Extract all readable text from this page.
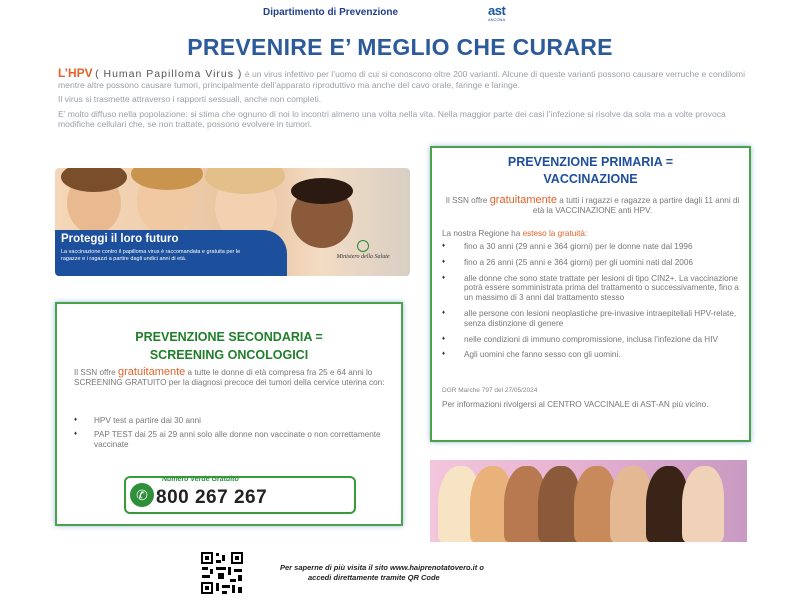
Dipartimento di Prevenzione	ast
ANCONA
PREVENIRE E’ MEGLIO CHE CURARE

L’HPV ( Human Papilloma Virus ) è un virus infettivo per l’uomo di cui si conoscono oltre 200 varianti. Alcune di queste varianti possono causare verruche e condilomi mentre altre possono causare tumori, principalmente dell’apparato riproduttivo ma anche del cavo orale, faringe e laringe.

Il virus si trasmette attraverso i rapporti sessuali, anche non completi.

E’ molto diffuso nella popolazione: si stima che ognuno di noi lo incontri almeno una volta nella vita. Nella maggior parte dei casi l’infezione si risolve da sola ma a volte provoca modifiche cellulari che, se non trattate, possono evolvere in tumori.

Proteggi il loro futuro
La vaccinazione contro il papilloma virus è raccomandata e gratuita per le ragazze e i ragazzi a partire dagli undici anni di età.	Ministero della Salute
PREVENZIONE PRIMARIA =
VACCINAZIONE
Il SSN offre gratuitamente a tutti i ragazzi e ragazze a partire dagli 11 anni di età la VACCINAZIONE anti HPV.
La nostra Regione ha esteso la gratuità:
♦ fino a 30 anni (29 anni e 364 giorni) per le donne nate dal 1996
♦ fino a 26 anni (25 anni e 364 giorni) per gli uomini nati dal 2006
♦ alle donne che sono state trattate per lesioni di tipo CIN2+. La vaccinazione potrà essere somministrata prima del trattamento o successivamente, fino a un massimo di 3 anni dal trattamento stesso
♦ alle persone con lesioni neoplastiche pre-invasive intraepiteliali HPV-relate, senza distinzione di genere
♦ nelle condizioni di immuno compromissione, inclusa l’infezione da HIV
♦ Agli uomini che fanno sesso con gli uomini.
DGR Marche 797 del 27/05/2024
Per informazioni rivolgersi al CENTRO VACCINALE di AST-AN più vicino.
PREVENZIONE SECONDARIA =
SCREENING ONCOLOGICI
Il SSN offre gratuitamente a tutte le donne di età compresa fra 25 e 64 anni lo SCREENING GRATUITO per la diagnosi precoce dei tumori della cervice uterina con:
♦ HPV test a partire dai 30 anni
♦ PAP TEST dai 25 ai 29 anni solo alle donne non vaccinate o non correttamente vaccinate
✆
Numero Verde Gratuito
800 267 267
Per saperne di più visita il sito www.haiprenotatovero.it o
accedi direttamente tramite QR Code
